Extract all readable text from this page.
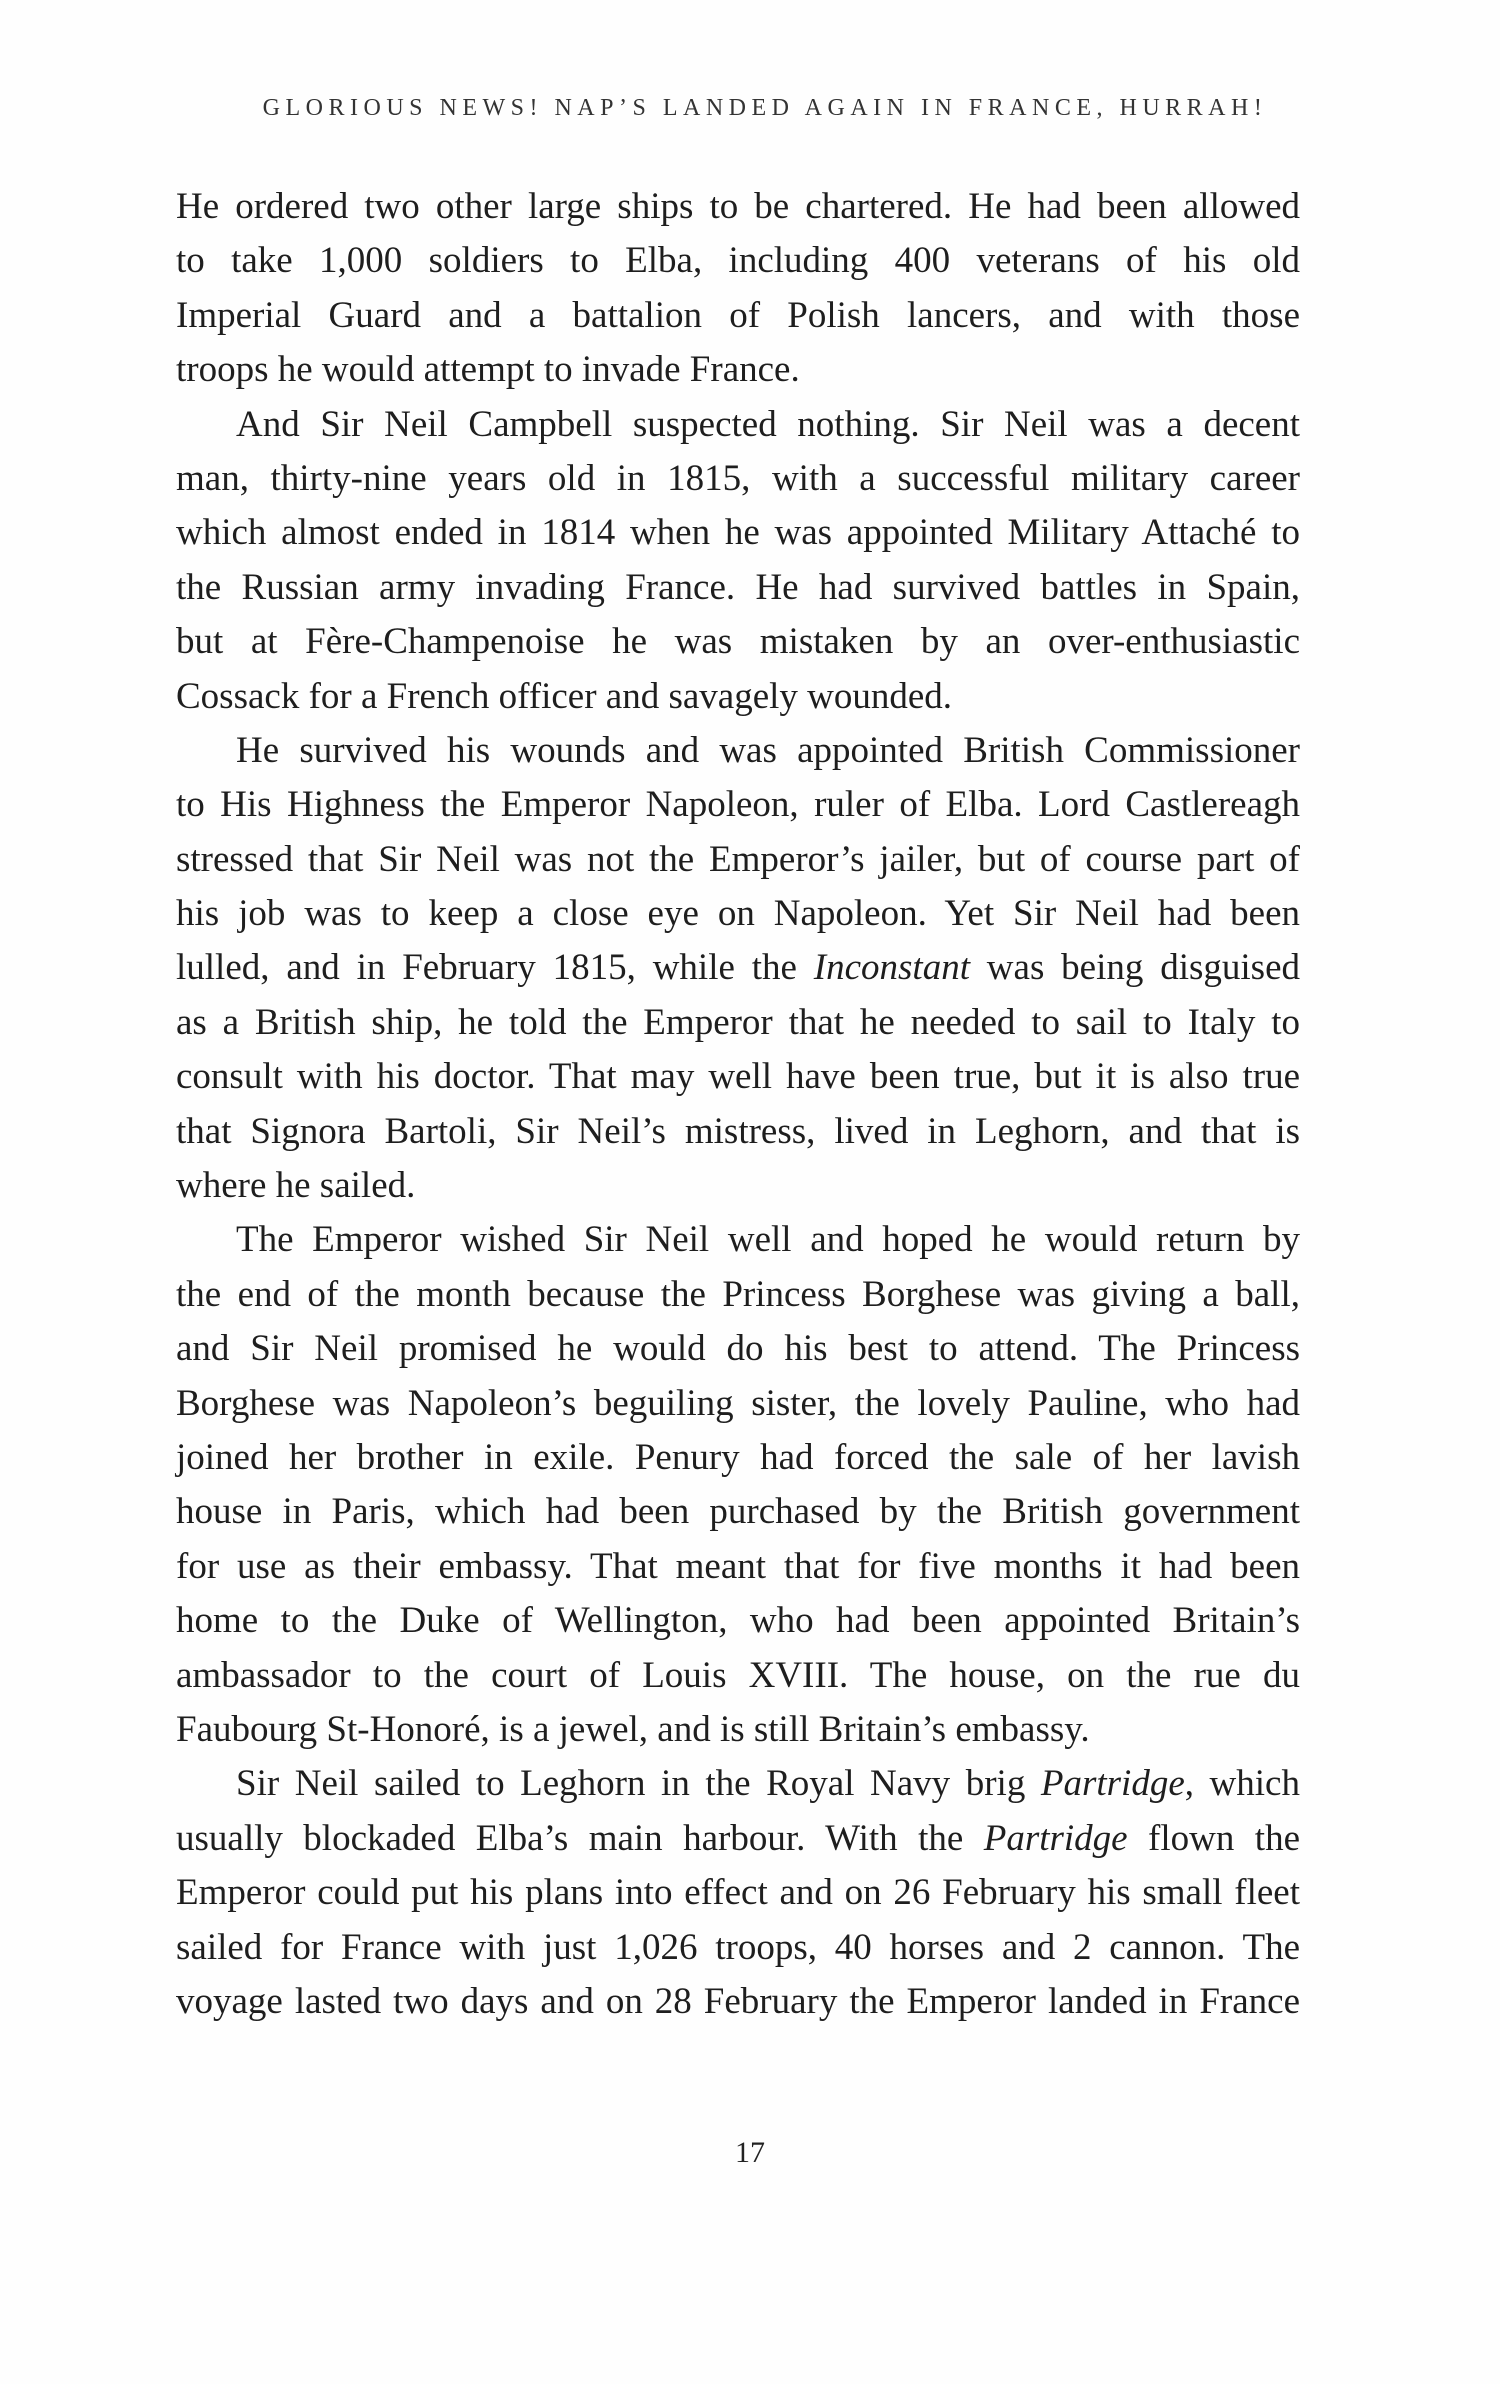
GLORIOUS NEWS! NAP’S LANDED AGAIN IN FRANCE, HURRAH!
He ordered two other large ships to be chartered. He had been allowed
to take 1,000 soldiers to Elba, including 400 veterans of his old
Imperial Guard and a battalion of Polish lancers, and with those
troops he would attempt to invade France.
And Sir Neil Campbell suspected nothing. Sir Neil was a decent
man, thirty-nine years old in 1815, with a successful military career
which almost ended in 1814 when he was appointed Military Attaché to
the Russian army invading France. He had survived battles in Spain,
but at Fère-Champenoise he was mistaken by an over-enthusiastic
Cossack for a French officer and savagely wounded.
He survived his wounds and was appointed British Commissioner
to His Highness the Emperor Napoleon, ruler of Elba. Lord Castlereagh
stressed that Sir Neil was not the Emperor’s jailer, but of course part of
his job was to keep a close eye on Napoleon. Yet Sir Neil had been
lulled, and in February 1815, while the Inconstant was being disguised
as a British ship, he told the Emperor that he needed to sail to Italy to
consult with his doctor. That may well have been true, but it is also true
that Signora Bartoli, Sir Neil’s mistress, lived in Leghorn, and that is
where he sailed.
The Emperor wished Sir Neil well and hoped he would return by
the end of the month because the Princess Borghese was giving a ball,
and Sir Neil promised he would do his best to attend. The Princess
Borghese was Napoleon’s beguiling sister, the lovely Pauline, who had
joined her brother in exile. Penury had forced the sale of her lavish
house in Paris, which had been purchased by the British government
for use as their embassy. That meant that for five months it had been
home to the Duke of Wellington, who had been appointed Britain’s
ambassador to the court of Louis XVIII. The house, on the rue du
Faubourg St-Honoré, is a jewel, and is still Britain’s embassy.
Sir Neil sailed to Leghorn in the Royal Navy brig Partridge, which
usually blockaded Elba’s main harbour. With the Partridge flown the
Emperor could put his plans into effect and on 26 February his small fleet
sailed for France with just 1,026 troops, 40 horses and 2 cannon. The
voyage lasted two days and on 28 February the Emperor landed in France
17
